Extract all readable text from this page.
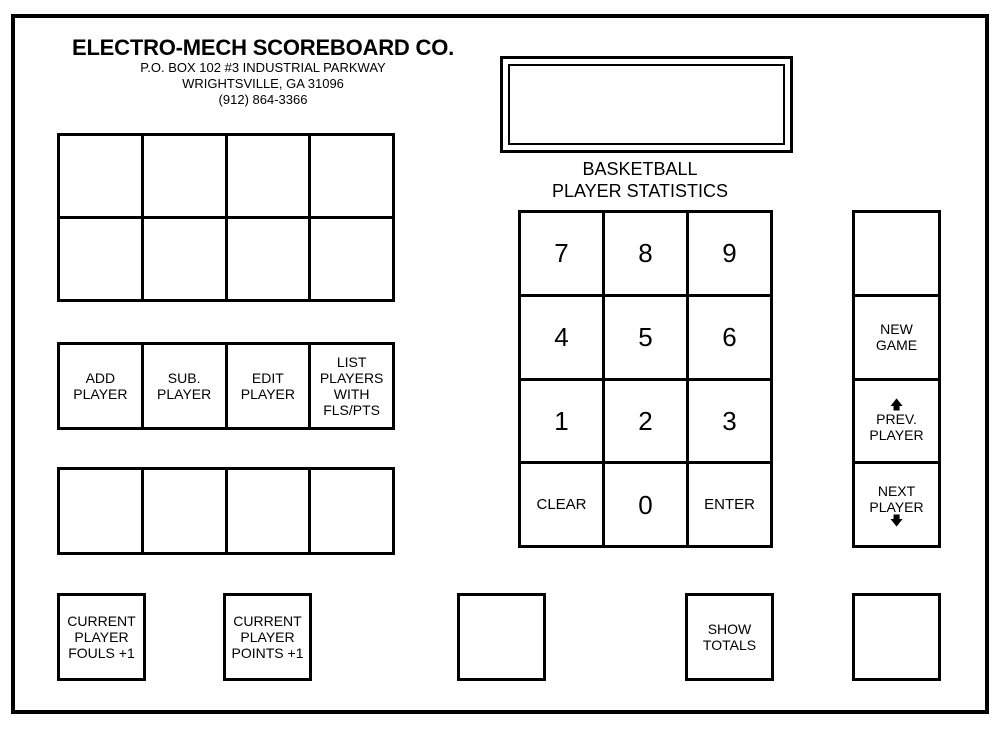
ELECTRO-MECH SCOREBOARD CO.
P.O. BOX 102 #3 INDUSTRIAL PARKWAY
WRIGHTSVILLE, GA 31096
(912) 864-3366
BASKETBALL
PLAYER STATISTICS
ADD
PLAYER
SUB.
PLAYER
EDIT
PLAYER
LIST
PLAYERS
WITH
FLS/PTS
7	8	9
4	5	6
1	2	3
CLEAR	0	ENTER
NEW
GAME
🡅
PREV.
PLAYER
NEXT
PLAYER
🡇
CURRENT
PLAYER
FOULS +1
CURRENT
PLAYER
POINTS +1
SHOW
TOTALS
